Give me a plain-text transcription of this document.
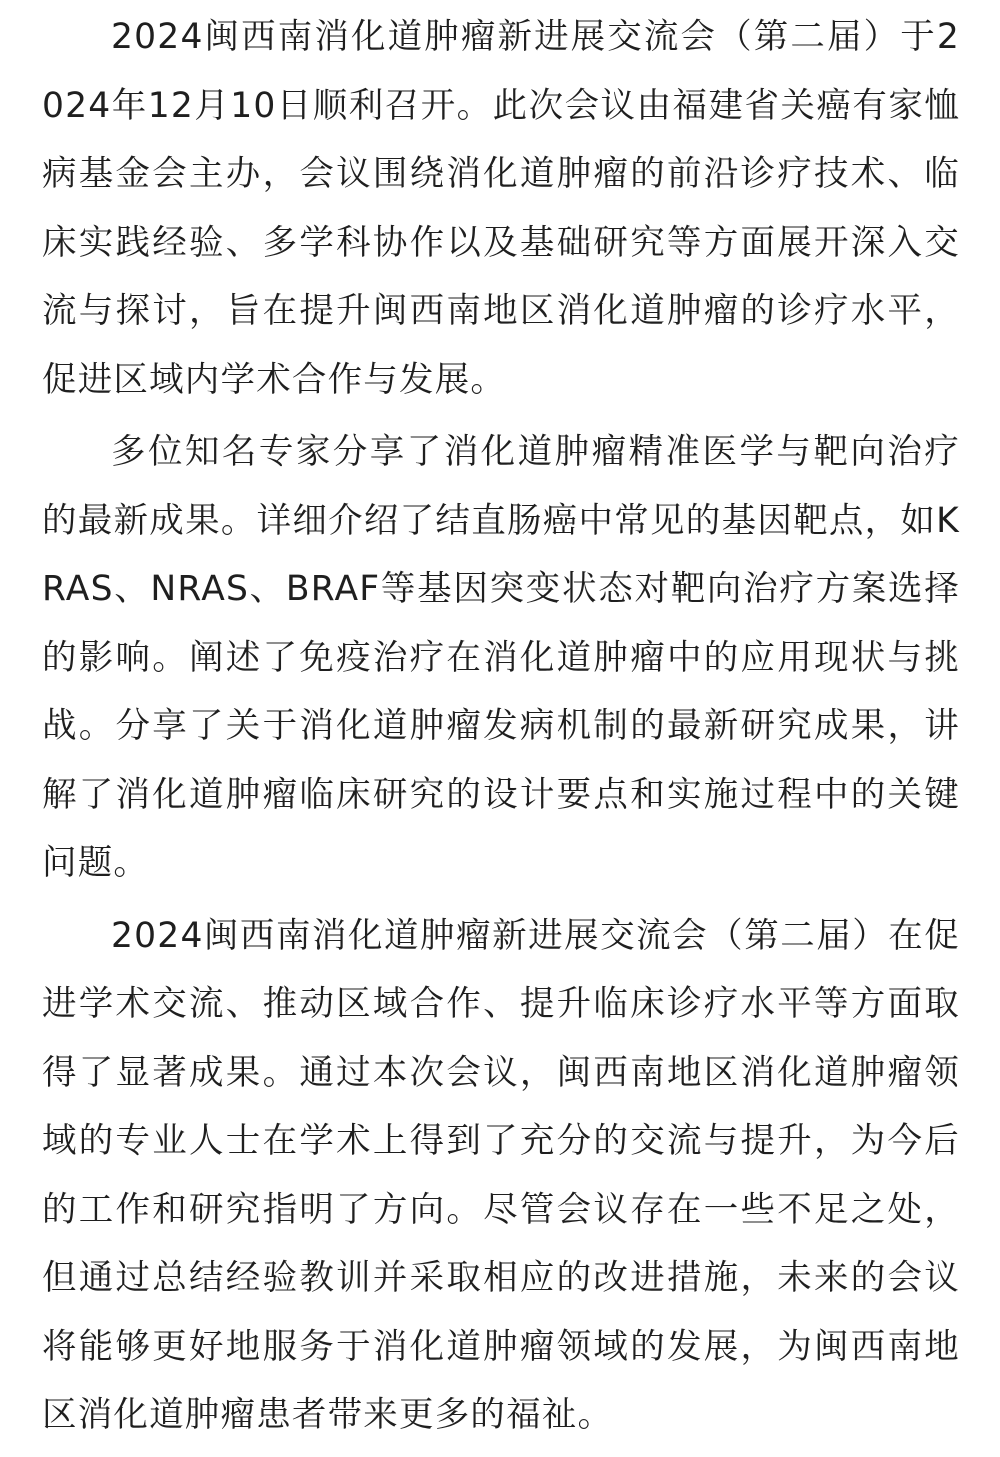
2024闽西南消化道肿瘤新进展交流会（第二届）于2024年12月10日顺利召开。此次会议由福建省关癌有家恤病基金会主办，会议围绕消化道肿瘤的前沿诊疗技术、临床实践经验、多学科协作以及基础研究等方面展开深入交流与探讨，旨在提升闽西南地区消化道肿瘤的诊疗水平，促进区域内学术合作与发展。

多位知名专家分享了消化道肿瘤精准医学与靶向治疗的最新成果。详细介绍了结直肠癌中常见的基因靶点，如KRAS、NRAS、BRAF等基因突变状态对靶向治疗方案选择的影响。阐述了免疫治疗在消化道肿瘤中的应用现状与挑战。分享了关于消化道肿瘤发病机制的最新研究成果，讲解了消化道肿瘤临床研究的设计要点和实施过程中的关键问题。

2024闽西南消化道肿瘤新进展交流会（第二届）在促进学术交流、推动区域合作、提升临床诊疗水平等方面取得了显著成果。通过本次会议，闽西南地区消化道肿瘤领域的专业人士在学术上得到了充分的交流与提升，为今后的工作和研究指明了方向。尽管会议存在一些不足之处，但通过总结经验教训并采取相应的改进措施，未来的会议将能够更好地服务于消化道肿瘤领域的发展，为闽西南地区消化道肿瘤患者带来更多的福祉。
